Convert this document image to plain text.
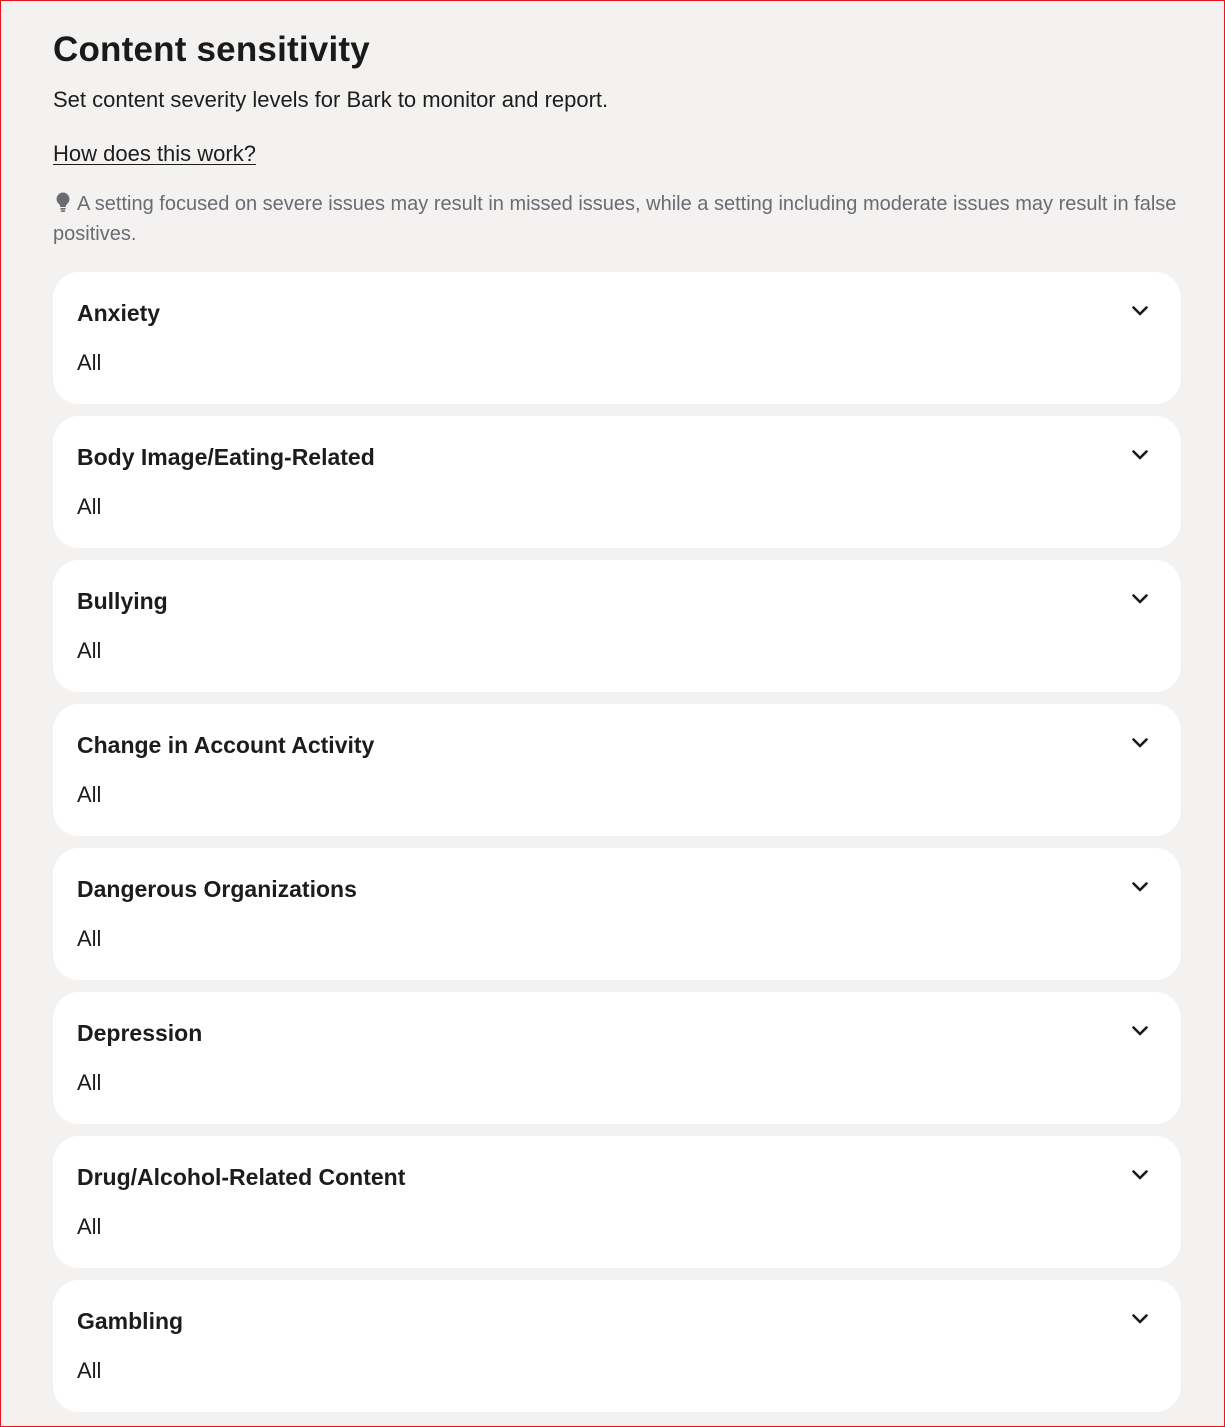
Content sensitivity

Set content severity levels for Bark to monitor and report.

How does this work?
A setting focused on severe issues may result in missed issues, while a setting including moderate issues may result in false positives.
Anxiety
All
Body Image/Eating-Related
All
Bullying
All
Change in Account Activity
All
Dangerous Organizations
All
Depression
All
Drug/Alcohol-Related Content
All
Gambling
All
